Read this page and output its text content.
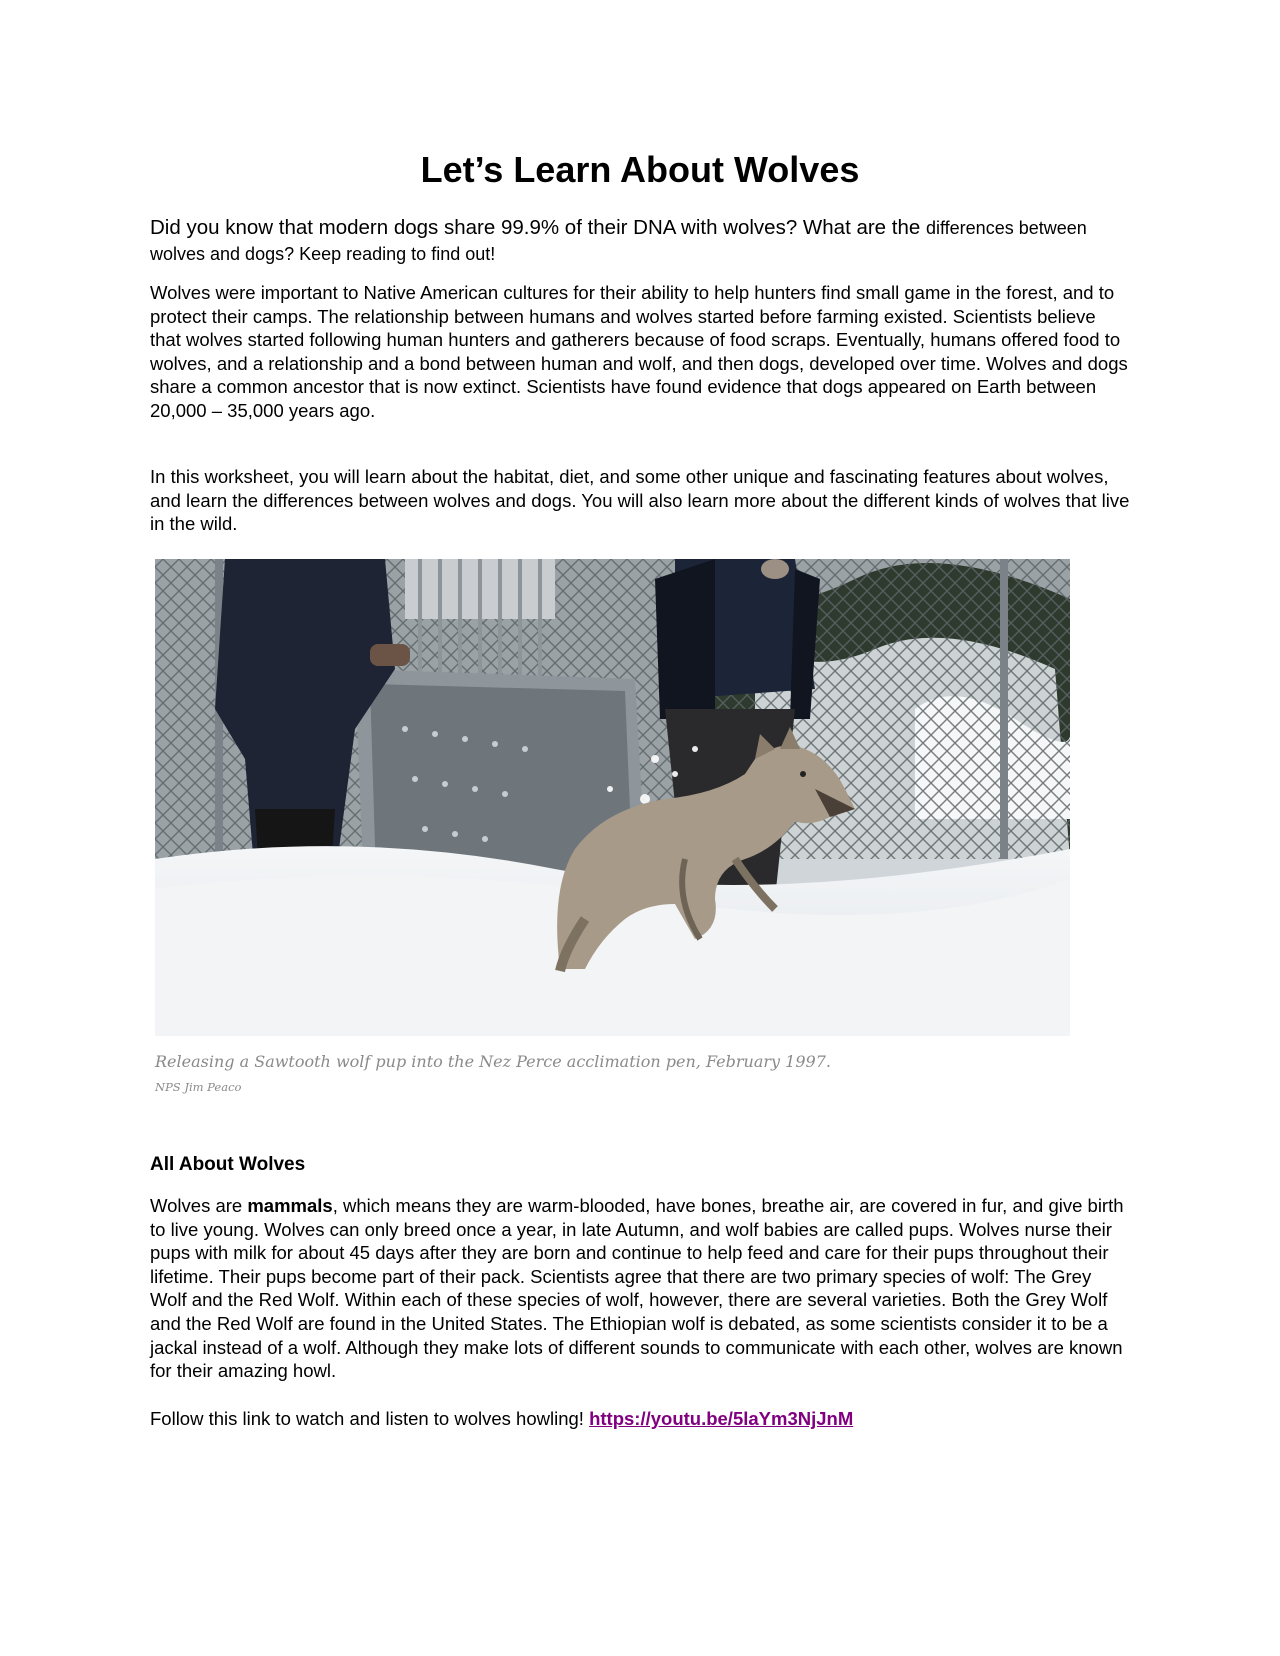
Let’s Learn About Wolves

Did you know that modern dogs share 99.9% of their DNA with wolves? What are the differences between wolves and dogs? Keep reading to find out!

Wolves were important to Native American cultures for their ability to help hunters find small game in the forest, and to protect their camps. The relationship between humans and wolves started before farming existed. Scientists believe that wolves started following human hunters and gatherers because of food scraps. Eventually, humans offered food to wolves, and a relationship and a bond between human and wolf, and then dogs, developed over time. Wolves and dogs share a common ancestor that is now extinct. Scientists have found evidence that dogs appeared on Earth between 20,000 – 35,000 years ago.

In this worksheet, you will learn about the habitat, diet, and some other unique and fascinating features about wolves, and learn the differences between wolves and dogs. You will also learn more about the different kinds of wolves that live in the wild.

Releasing a Sawtooth wolf pup into the Nez Perce acclimation pen, February 1997.

NPS Jim Peaco

All About Wolves

Wolves are mammals, which means they are warm-blooded, have bones, breathe air, are covered in fur, and give birth to live young. Wolves can only breed once a year, in late Autumn, and wolf babies are called pups. Wolves nurse their pups with milk for about 45 days after they are born and continue to help feed and care for their pups throughout their lifetime. Their pups become part of their pack. Scientists agree that there are two primary species of wolf: The Grey Wolf and the Red Wolf. Within each of these species of wolf, however, there are several varieties. Both the Grey Wolf and the Red Wolf are found in the United States. The Ethiopian wolf is debated, as some scientists consider it to be a jackal instead of a wolf. Although they make lots of different sounds to communicate with each other, wolves are known for their amazing howl.

Follow this link to watch and listen to wolves howling! https://youtu.be/5laYm3NjJnM
